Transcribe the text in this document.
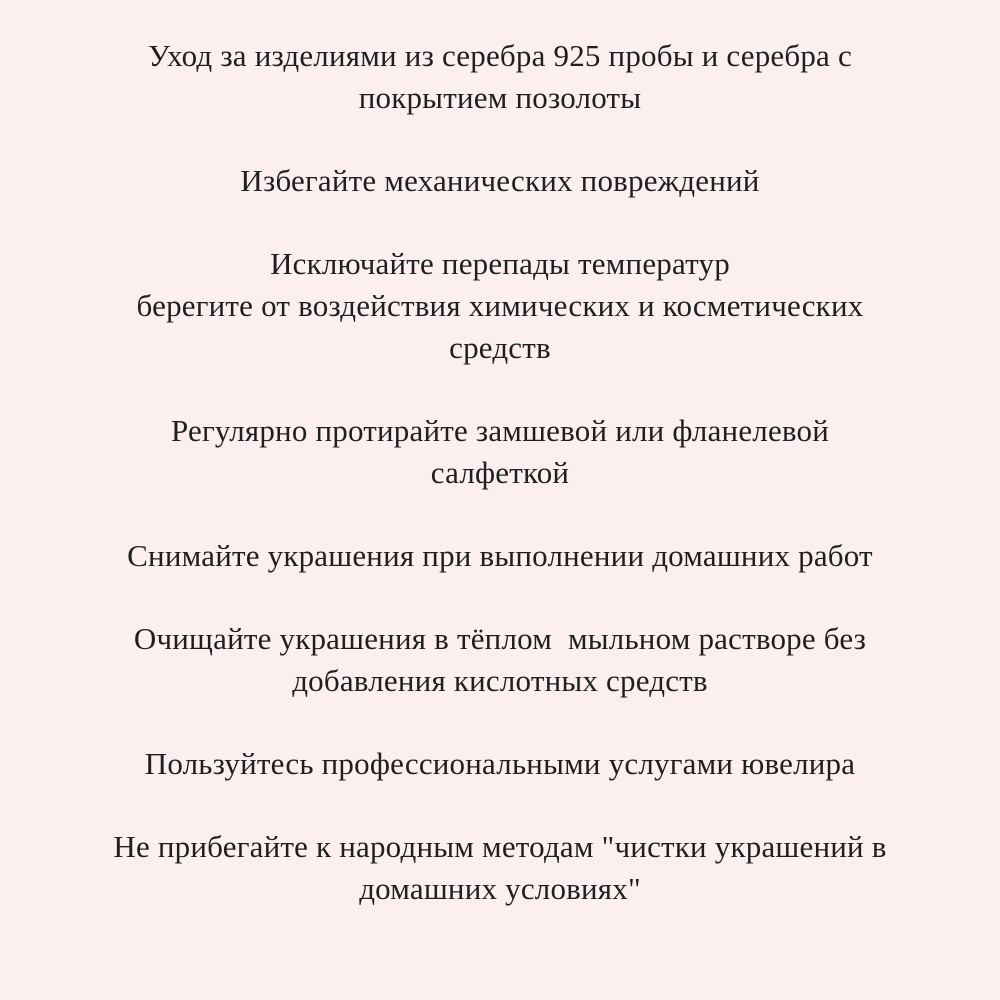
Уход за изделиями из серебра 925 пробы и серебра с
покрытием позолоты
Избегайте механических повреждений
Исключайте перепады температур
берегите от воздействия химических и косметических
средств
Регулярно протирайте замшевой или фланелевой
салфеткой
Снимайте украшения при выполнении домашних работ
Очищайте украшения в тёплом  мыльном растворе без
добавления кислотных средств
Пользуйтесь профессиональными услугами ювелира
Не прибегайте к народным методам "чистки украшений в
домашних условиях"
